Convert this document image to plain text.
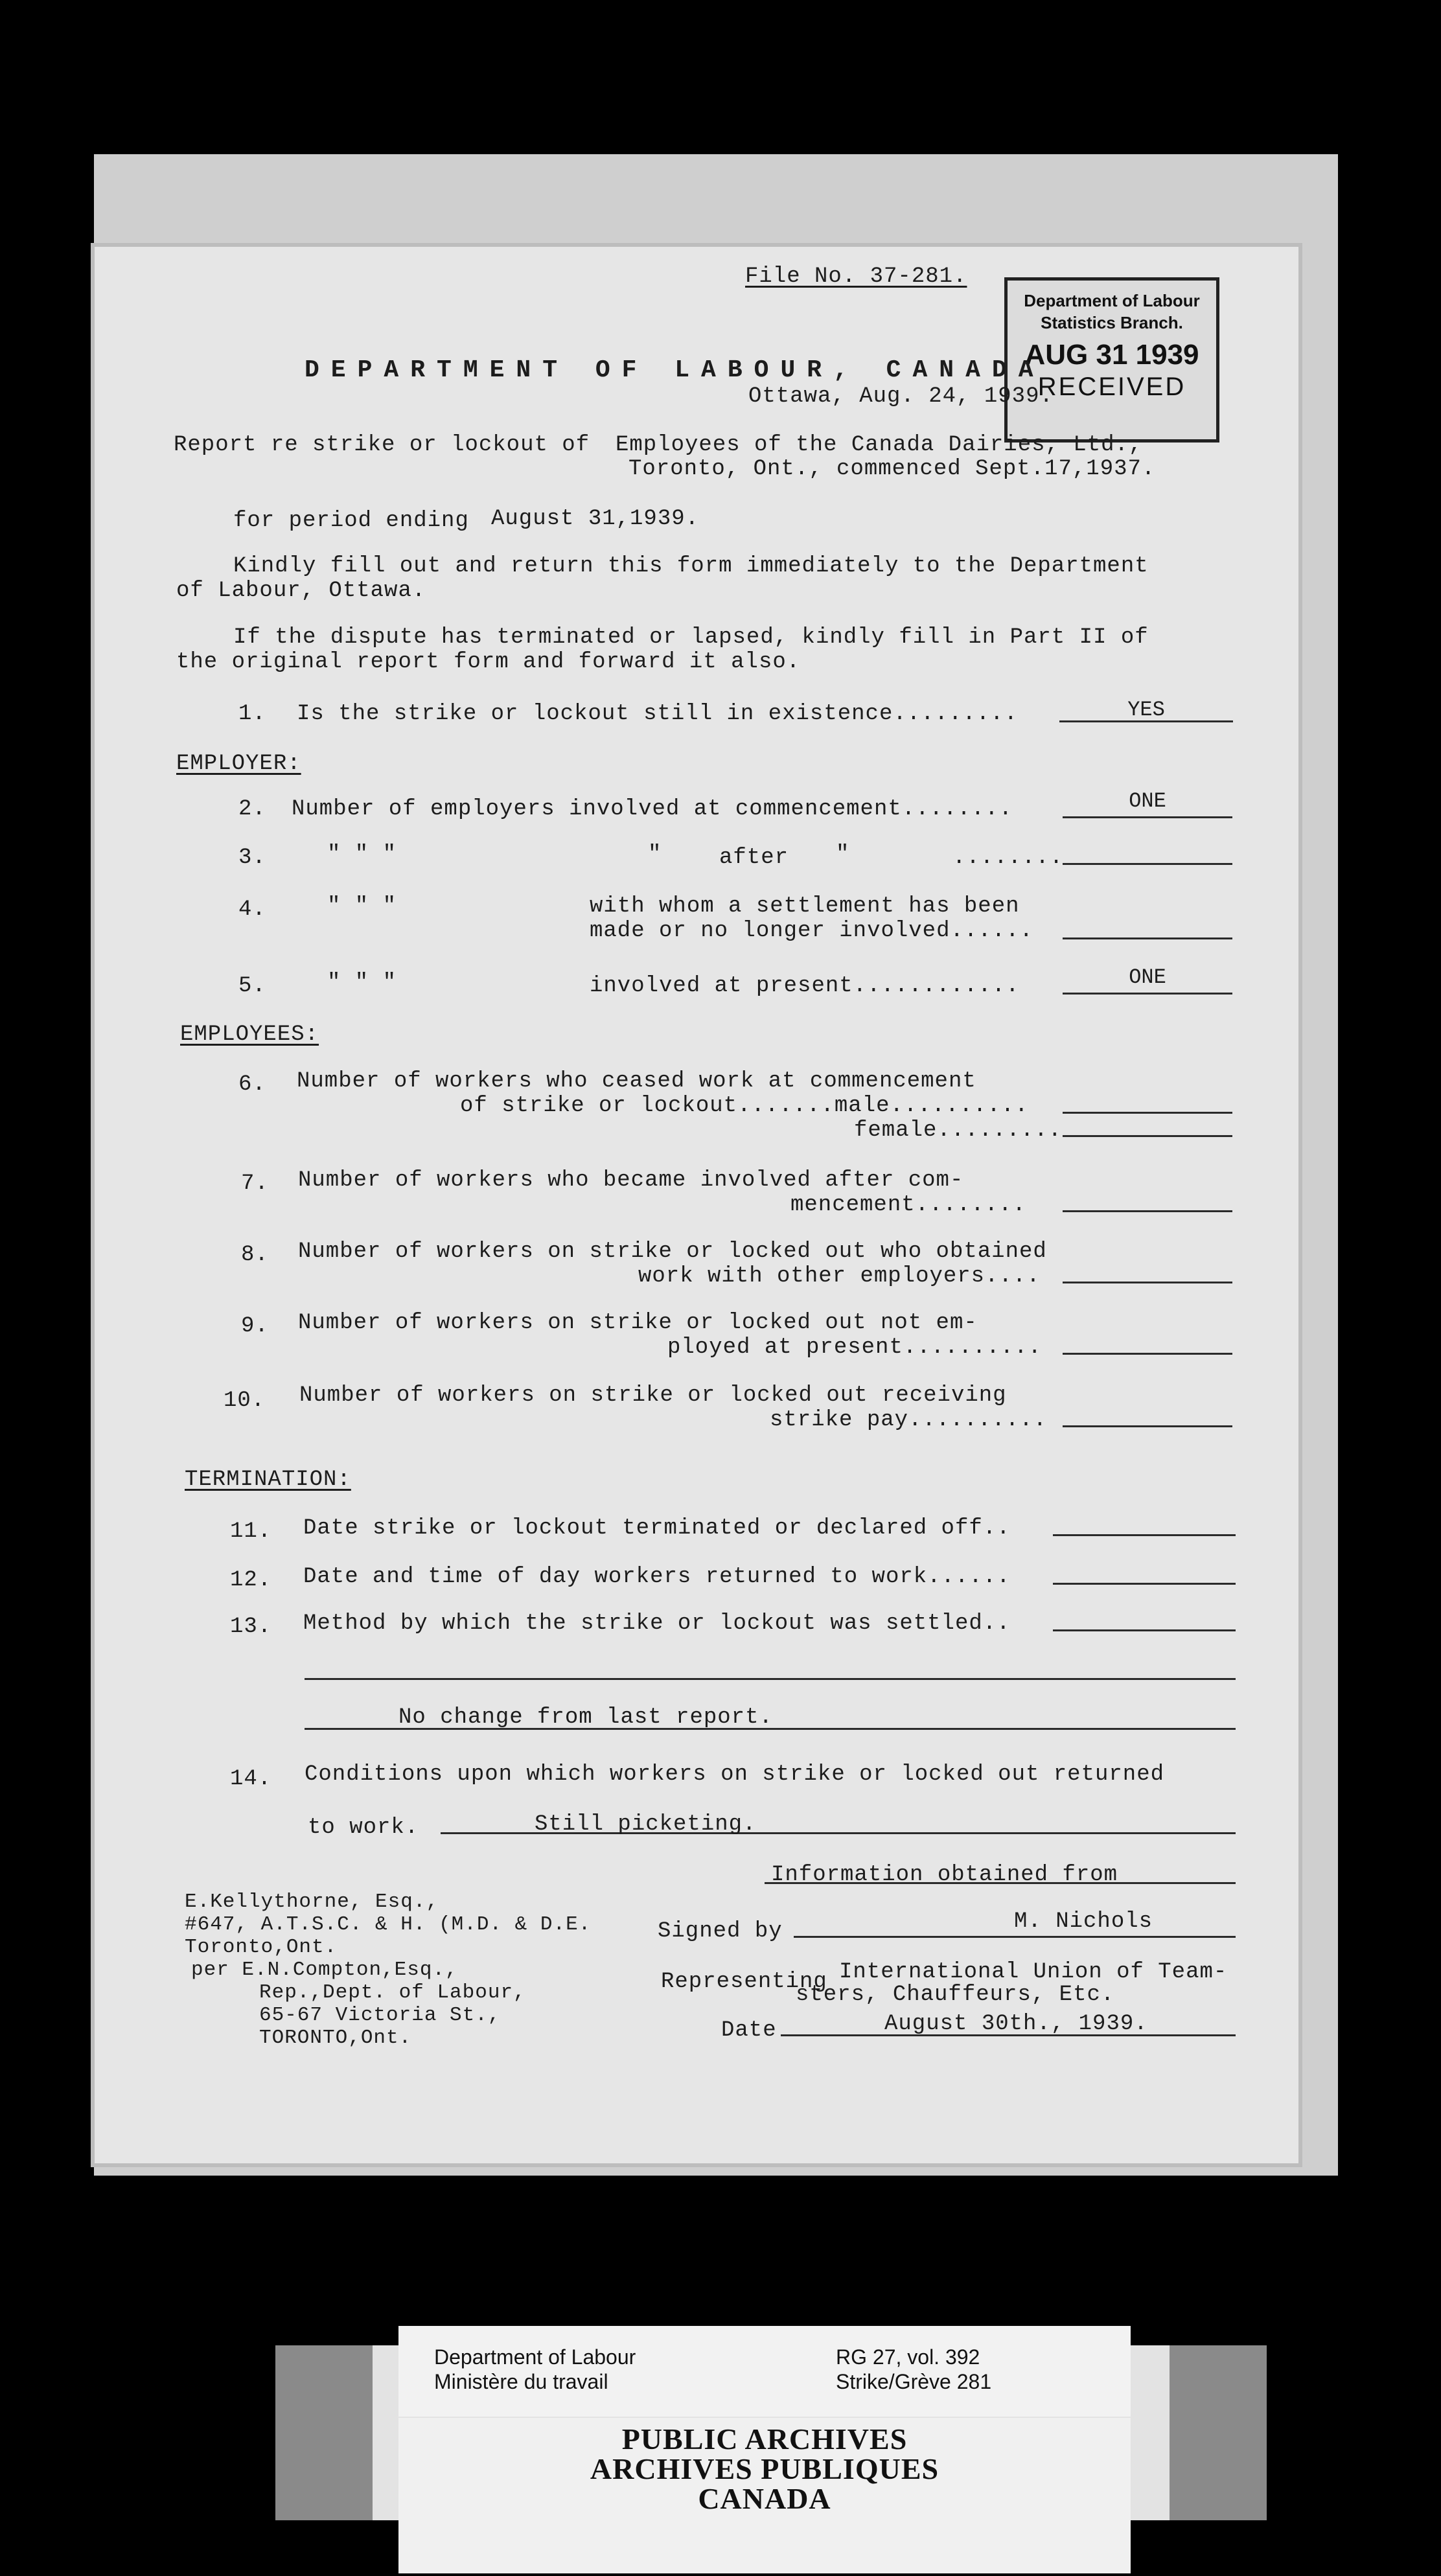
File No. 37-281.
Department of Labour
Statistics Branch.
AUG 31 1939
RECEIVED
DEPARTMENT OF LABOUR, CANADA
Ottawa, Aug. 24, 1939.
Report re strike or lockout of Employees of the Canada Dairies, Ltd.,
Toronto, Ont., commenced Sept.17,1937.
for period ending August 31,1939.
Kindly fill out and return this form immediately to the Department
of Labour, Ottawa.
If the dispute has terminated or lapsed, kindly fill in Part II of
the original report form and forward it also.
1. Is the strike or lockout still in existence.........	YES
EMPLOYER:
2. Number of employers involved at commencement........	ONE
3.	" " "	"	after "	........
4.	" " "	with whom a settlement has been
made or no longer involved......
5.	" " "	involved at present............	ONE
EMPLOYEES:
6. Number of workers who ceased work at commencement
of strike or lockout.......male..........
female.........
7. Number of workers who became involved after com-
mencement........
8. Number of workers on strike or locked out who obtained
work with other employers....
9. Number of workers on strike or locked out not em-
ployed at present..........
10. Number of workers on strike or locked out receiving
strike pay..........
TERMINATION:
11. Date strike or lockout terminated or declared off..
12. Date and time of day workers returned to work......
13. Method by which the strike or lockout was settled..
No change from last report.
14. Conditions upon which workers on strike or locked out returned
to work.	Still picketing.
Information obtained from
Signed by	M. Nichols
Representing International Union of Team-
sters, Chauffeurs, Etc.
Date	August 30th., 1939.
E.Kellythorne, Esq.,
#647, A.T.S.C. & H. (M.D. & D.E.
Toronto,Ont.
per E.N.Compton,Esq.,
Rep.,Dept. of Labour,
65-67 Victoria St.,
TORONTO,Ont.
Department of Labour
Ministère du travail
RG 27, vol. 392
Strike/Grève 281
PUBLIC ARCHIVES
ARCHIVES PUBLIQUES
CANADA
